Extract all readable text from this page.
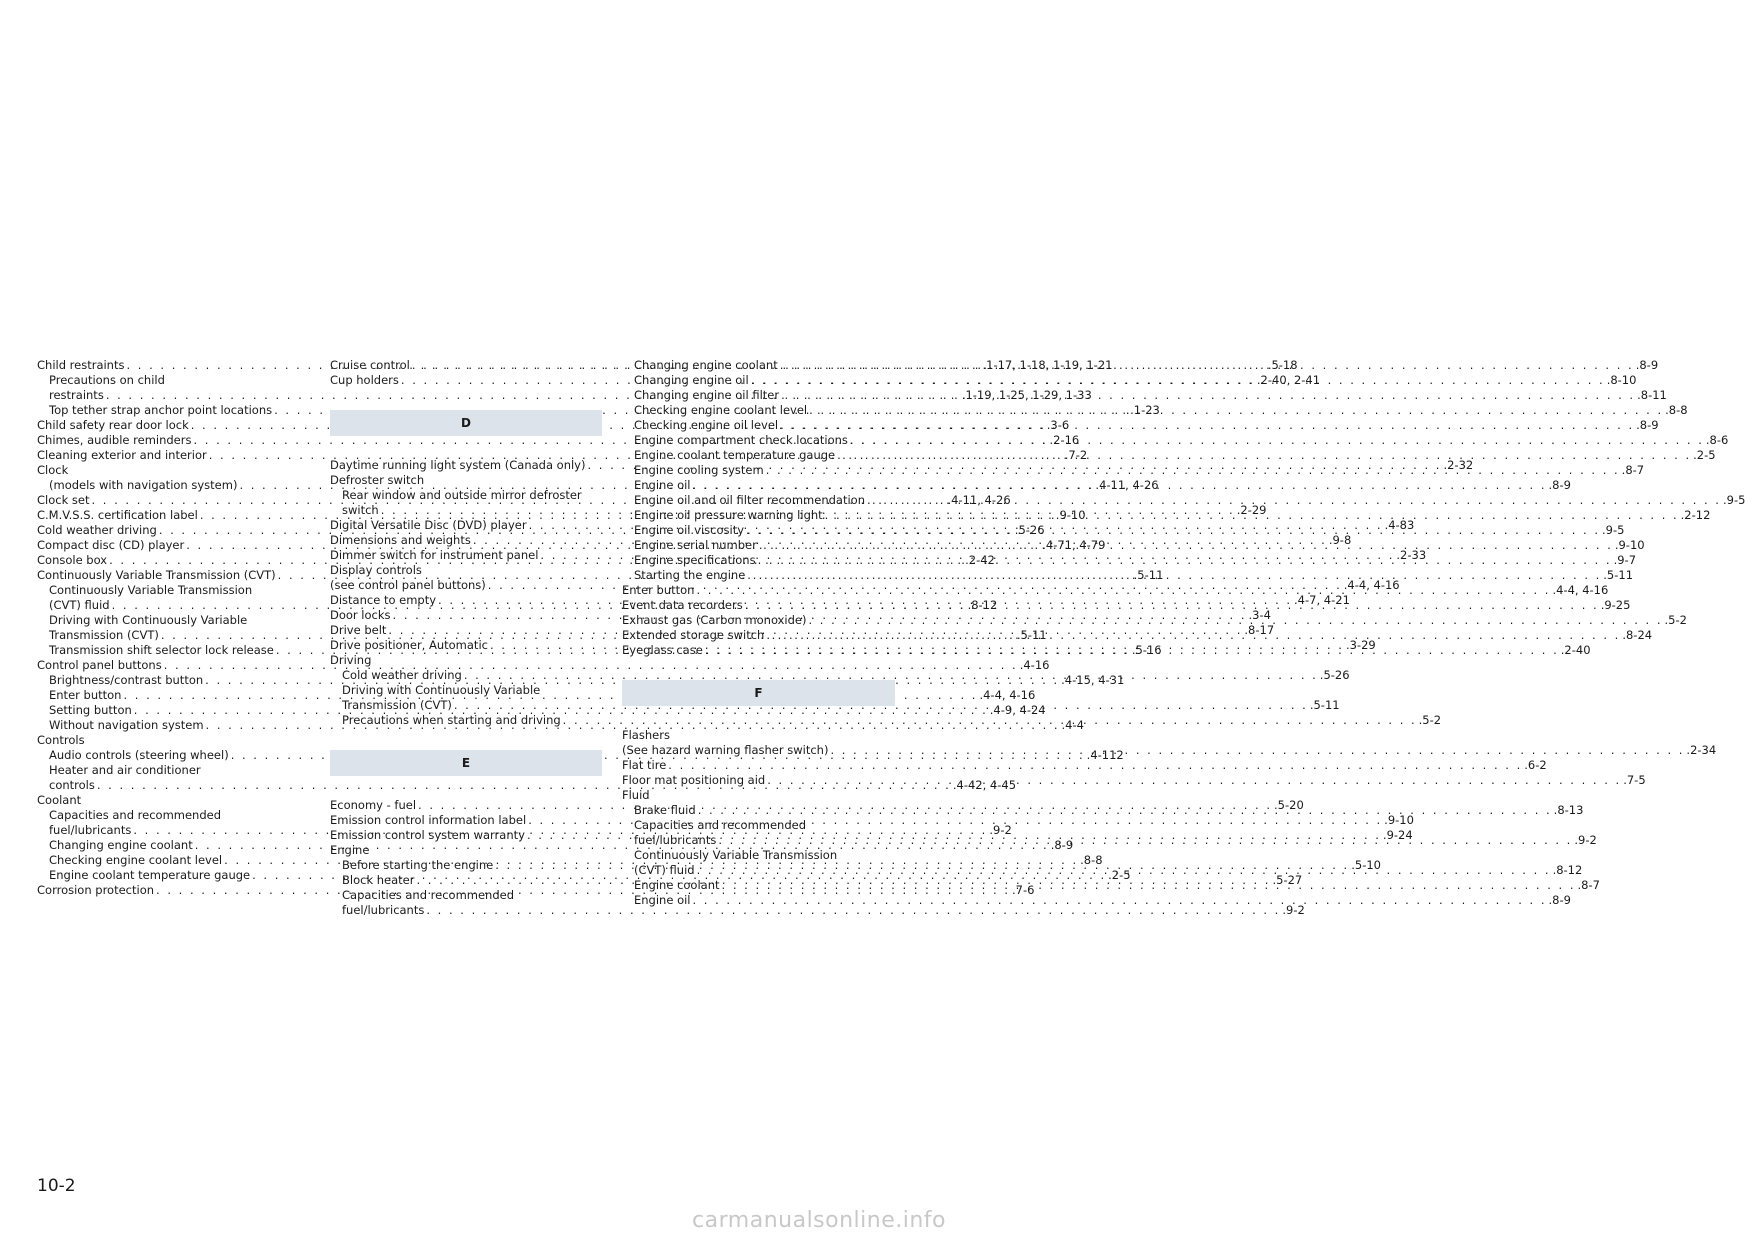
Child restraints . . .	.1-17, 1-18, 1-19, 1-21
Precautions on child
restraints . . .	.1-19, 1-25, 1-29, 1-33
Top tether strap anchor point locations . . .	.1-23
Child safety rear door lock . . .	.3-6
Chimes, audible reminders . . .	.2-16
Cleaning exterior and interior . . .	.7-2
Clock
(models with navigation system) . . .	.4-11, 4-26
Clock set . . .	.4-11, 4-26
C.M.V.S.S. certification label . . .	.9-10
Cold weather driving . . .	.5-26
Compact disc (CD) player . . .	.4-71, 4-79
Console box . . .	.2-42
Continuously Variable Transmission (CVT) . . .	.5-11
Continuously Variable Transmission
(CVT) fluid . . .	.8-12
Driving with Continuously Variable
Transmission (CVT) . . .	.5-11
Transmission shift selector lock release . . .	.5-16
Control panel buttons . . .	.4-16
Brightness/contrast button . . .	.4-15, 4-31
Enter button . . .	.4-4, 4-16
Setting button . . .	.4-9, 4-24
Without navigation system . . .	.4-4
Controls
Audio controls (steering wheel) . . .	.4-112
Heater and air conditioner
controls . . .	.4-42, 4-45
Coolant
Capacities and recommended
fuel/lubricants . . .	.9-2
Changing engine coolant . . .	.8-9
Checking engine coolant level . . .	.8-8
Engine coolant temperature gauge . . .	.2-5
Corrosion protection . . .	.7-6
Cruise control . . .	.5-18
Cup holders . . .	.2-40, 2-41
D
Daytime running light system (Canada only) . . .	.2-32
Defroster switch
Rear window and outside mirror defroster
switch . . .	.2-29
Digital Versatile Disc (DVD) player . . .	.4-83
Dimensions and weights . . .	.9-8
Dimmer switch for instrument panel . . .	.2-33
Display controls
(see control panel buttons) . . .	.4-4, 4-16
Distance to empty . . .	.4-7, 4-21
Door locks . . .	.3-4
Drive belt . . .	.8-17
Drive positioner, Automatic . . .	.3-29
Driving
Cold weather driving . . .	.5-26
Driving with Continuously Variable
Transmission (CVT) . . .	.5-11
Precautions when starting and driving . . .	.5-2
E
Economy - fuel . . .	.5-20
Emission control information label . . .	.9-10
Emission control system warranty . . .	.9-24
Engine
Before starting the engine . . .	.5-10
Block heater . . .	.5-27
Capacities and recommended
fuel/lubricants . . .	.9-2
Changing engine coolant . . .	.8-9
Changing engine oil . . .	.8-10
Changing engine oil filter . . .	.8-11
Checking engine coolant level . . .	.8-8
Checking engine oil level . . .	.8-9
Engine compartment check locations . . .	.8-6
Engine coolant temperature gauge . . .	.2-5
Engine cooling system . . .	.8-7
Engine oil . . .	.8-9
Engine oil and oil filter recommendation . . .	.9-5
Engine oil pressure warning light . . .	.2-12
Engine oil viscosity . . .	.9-5
Engine serial number . . .	.9-10
Engine specifications . . .	.9-7
Starting the engine . . .	.5-11
Enter button . . .	.4-4, 4-16
Event data recorders . . .	.9-25
Exhaust gas (Carbon monoxide) . . .	.5-2
Extended storage switch . . .	.8-24
Eyeglass case . . .	.2-40
F
Flashers
(See hazard warning flasher switch) . . .	.2-34
Flat tire . . .	.6-2
Floor mat positioning aid . . .	.7-5
Fluid
Brake fluid . . .	.8-13
Capacities and recommended
fuel/lubricants . . .	.9-2
Continuously Variable Transmission
(CVT) fluid . . .	.8-12
Engine coolant . . .	.8-7
Engine oil . . .	.8-9
10-2
carmanualsonline.info
